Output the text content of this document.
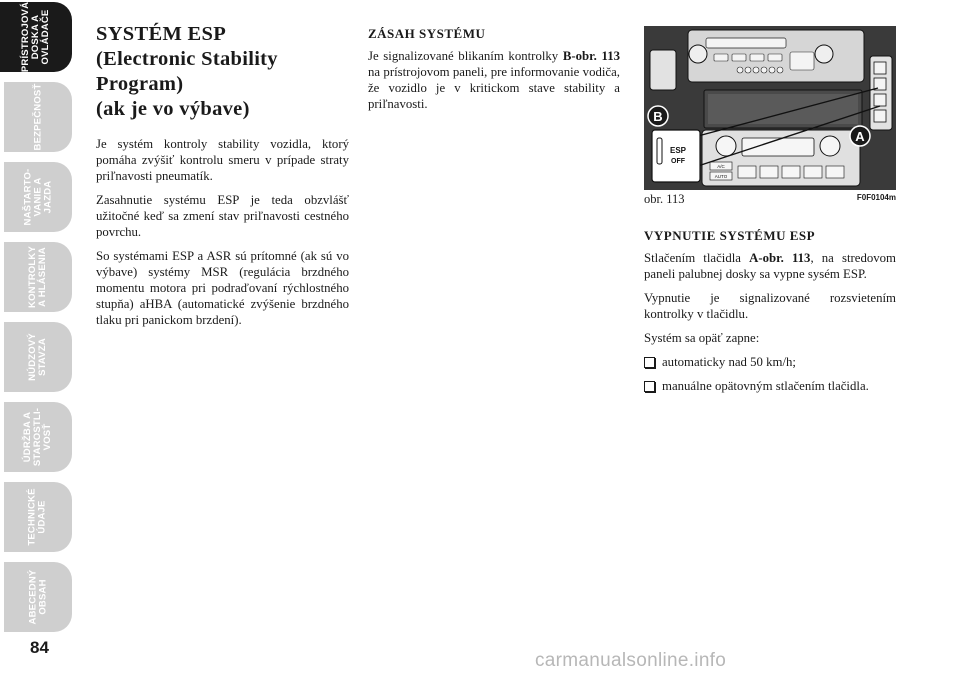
PRÍSTROJOVÁ
DOSKA A
OVLÁDAČE
BEZPEČNOSŤ
NAŠTARTO-
VANIE A
JAZDA
KONTROLKY
A HLÁSENIA
NÚDZOVÝ
STAVZA
ÚDRŽBA A
STAROSTLI-
VOSŤ
TECHNICKÉ
ÚDAJE
ABECEDNÝ
OBSAH
84
SYSTÉM ESP
(Electronic Stability
Program)
(ak je vo výbave)

Je systém kontroly stability vozidla, ktorý pomáha zvýšiť kontrolu smeru v prípade straty priľnavosti pneumatík.

Zasahnutie systému ESP je teda obzvlášť užitočné keď sa zmení stav priľnavosti cestného povrchu.

So systémami ESP a ASR sú prítomné (ak sú vo výbave) systémy MSR (regulácia brzdného momentu motora pri podraďovaní rýchlostného stupňa) aHBA (automatické zvýšenie brzdného tlaku pri panickom brzdení).

ZÁSAH SYSTÉMU

Je signalizované blikaním kontrolky B-obr. 113 na prístrojovom paneli, pre informovanie vodiča, že vozidlo je v kritickom stave stability a priľnavosti.

A/C
AUTO
ESP
OFF
B
A
obr. 113	F0F0104m
VYPNUTIE SYSTÉMU ESP

Stlačením tlačidla A-obr. 113, na stredovom paneli palubnej dosky sa vypne sysém ESP.

Vypnutie je signalizované rozsvietením kontrolky v tlačidlu.

Systém sa opäť zapne:

automaticky nad 50 km/h;
manuálne opätovným stlačením tlačidla.
carmanualsonline.info
